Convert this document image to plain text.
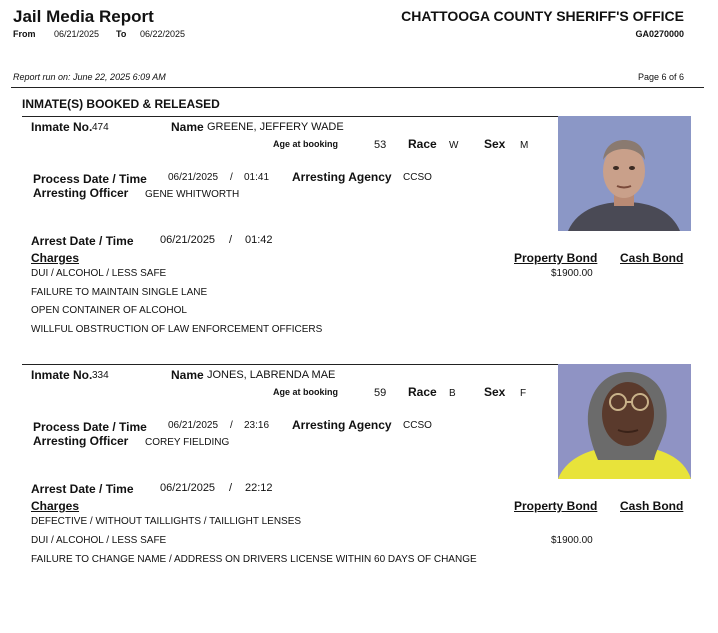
Jail Media Report
From 06/21/2025 To 06/22/2025
CHATTOOGA COUNTY SHERIFF'S OFFICE
GA0270000
Report run on: June 22, 2025 6:09 AM	Page 6 of 6
INMATE(S) BOOKED & RELEASED
Inmate No. 474	Name GREENE, JEFFERY WADE
Age at booking	53 Race W Sex M
Process Date / Time 06/21/2025 / 01:41 Arresting Agency CCSO
Arresting Officer GENE WHITWORTH
Arrest Date / Time 06/21/2025 / 01:42
Charges	Property Bond Cash Bond
DUI / ALCOHOL / LESS SAFE	$1900.00
FAILURE TO MAINTAIN SINGLE LANE
OPEN CONTAINER OF ALCOHOL
WILLFUL OBSTRUCTION OF LAW ENFORCEMENT OFFICERS
Inmate No. 334	Name JONES, LABRENDA MAE
Age at booking	59 Race B Sex F
Process Date / Time 06/21/2025 / 23:16 Arresting Agency CCSO
Arresting Officer COREY FIELDING
Arrest Date / Time 06/21/2025 / 22:12
Charges	Property Bond Cash Bond
DEFECTIVE / WITHOUT TAILLIGHTS / TAILLIGHT LENSES
DUI / ALCOHOL / LESS SAFE	$1900.00
FAILURE TO CHANGE NAME / ADDRESS ON DRIVERS LICENSE WITHIN 60 DAYS OF CHANGE
